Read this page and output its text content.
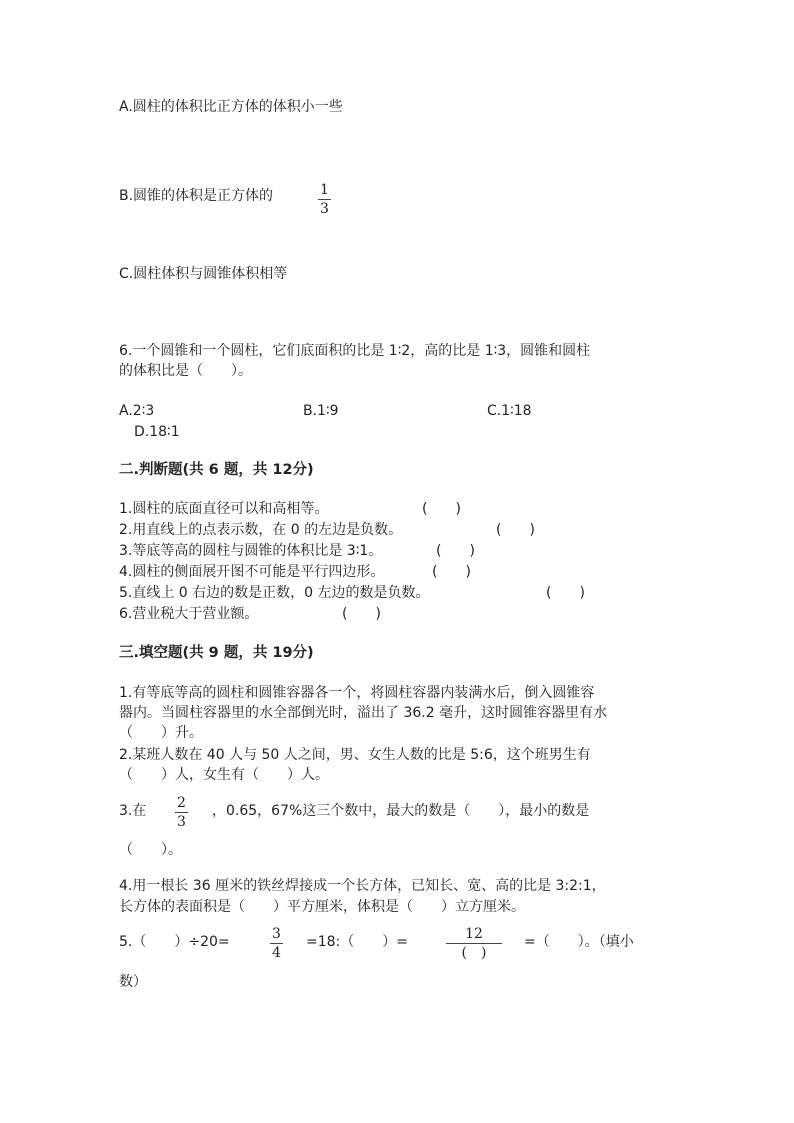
A.圆柱的体积比正方体的体积小一些
B.圆锥的体积是正方体的	1
3
C.圆柱体积与圆锥体积相等
6.一个圆锥和一个圆柱，它们底面积的比是 1∶2，高的比是 1∶3，圆锥和圆柱
的体积比是（　　）。
A.2∶3	B.1∶9	C.1∶18
D.18∶1
二.判断题(共 6 题，共 12分)
1.圆柱的底面直径可以和高相等。	(　　)
2.用直线上的点表示数，在 0 的左边是负数。	(　　)
3.等底等高的圆柱与圆锥的体积比是 3∶1。	(　　)
4.圆柱的侧面展开图不可能是平行四边形。	(　　)
5.直线上 0 右边的数是正数，0 左边的数是负数。	(　　)
6.营业税大于营业额。	(　　)
三.填空题(共 9 题，共 19分)
1.有等底等高的圆柱和圆锥容器各一个，将圆柱容器内装满水后，倒入圆锥容
器内。当圆柱容器里的水全部倒光时，溢出了 36.2 毫升，这时圆锥容器里有水
（　　）升。
2.某班人数在 40 人与 50 人之间，男、女生人数的比是 5:6，这个班男生有
（　　）人，女生有（　　）人。
3.在 2
3
，0.65，67%这三个数中，最大的数是（　　），最小的数是
（　　）。
4.用一根长 36 厘米的铁丝焊接成一个长方体，已知长、宽、高的比是 3:2:1，
长方体的表面积是（　　）平方厘米，体积是（　　）立方厘米。
5.（　　）÷20=	3
4
=18:（　　）=	12
(　)
=（　　）。（填小
数）
